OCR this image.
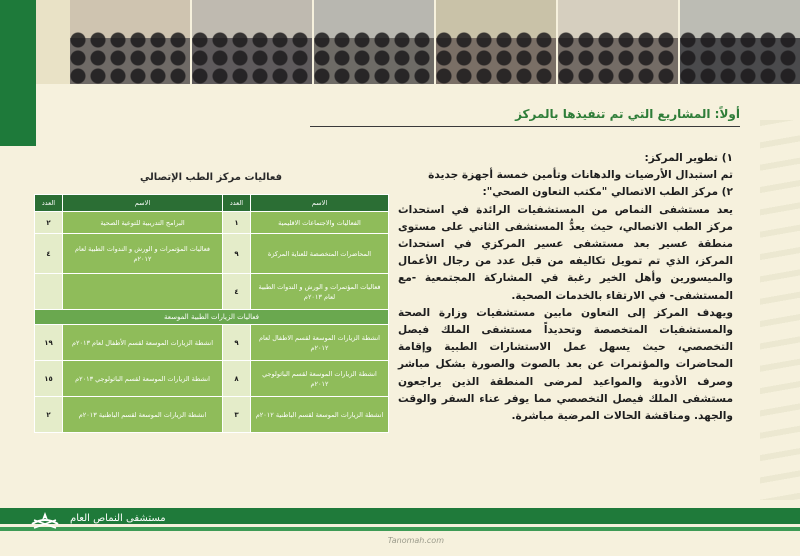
أولاً: المشاريع التي تم تنفيذها بالمركز

١) تطوير المركز:

تم استبدال الأرضيات والدهانات وتأمين خمسة أجهزة جديدة

٢) مركز الطب الاتصالي "مكتب التعاون الصحي":

يعد مستشفى النماص من المستشفيات الرائدة في استحداث مركز الطب الاتصالي، حيث يعدُّ المستشفى الثاني على مستوى منطقة عسير بعد مستشفى عسير المركزي في استحداث المركز، الذي تم تمويل تكاليفه من قبل عدد من رجال الأعمال والميسورين وأهل الخير رغبة في المشاركة المجتمعية -مع المستشفى- في الارتقاء بالخدمات الصحية.

ويهدف المركز إلى التعاون مابين مستشفيات وزارة الصحة والمستشفيات المتخصصة وتحديداً مستشفى الملك فيصل التخصصي، حيث يسهل عمل الاستشارات الطبية وإقامة المحاضرات والمؤتمرات عن بعد بالصوت والصورة بشكل مباشر وصرف الأدوية والمواعيد لمرضى المنطقة الذين يراجعون مستشفى الملك فيصل التخصصي مما يوفر عناء السفر والوقت والجهد. ومناقشة الحالات المرضية مباشرة.

فعاليات مركز الطب الإتصالي
الاسم	العدد	الاسم	العدد
الفعاليات والاجتماعات الاقليمية	١	البرامج التدريبية للتوعية الصحية	٢
المحاضرات المتخصصة للعناية المركزة	٩	فعاليات المؤتمرات و الورش و الندوات الطبية لعام ٢٠١٢م	٤
فعاليات المؤتمرات و الورش و الندوات الطبية لعام ٢٠١٣م	٤		
فعاليات الزيارات الطبية الموسعة			
انشطة الزيارات الموسعة لقسم الاطفال لعام ٢٠١٢م	٩	انشطة الزيارات الموسعة لقسم الأطفال لعام ٢٠١٣م	١٩
انشطة الزيارات الموسعة لقسم الباثولوجي ٢٠١٢م	٨	انشطة الزيارات الموسعة لقسم الباثولوجي ٢٠١٣م	١٥
انشطة الزيارات الموسعة لقسم الباطنية ٢٠١٢م	٣	انشطة الزيارات الموسعة لقسم الباطنية ٢٠١٣م	٢
مستشفى النماص العام
Tanomah.com
